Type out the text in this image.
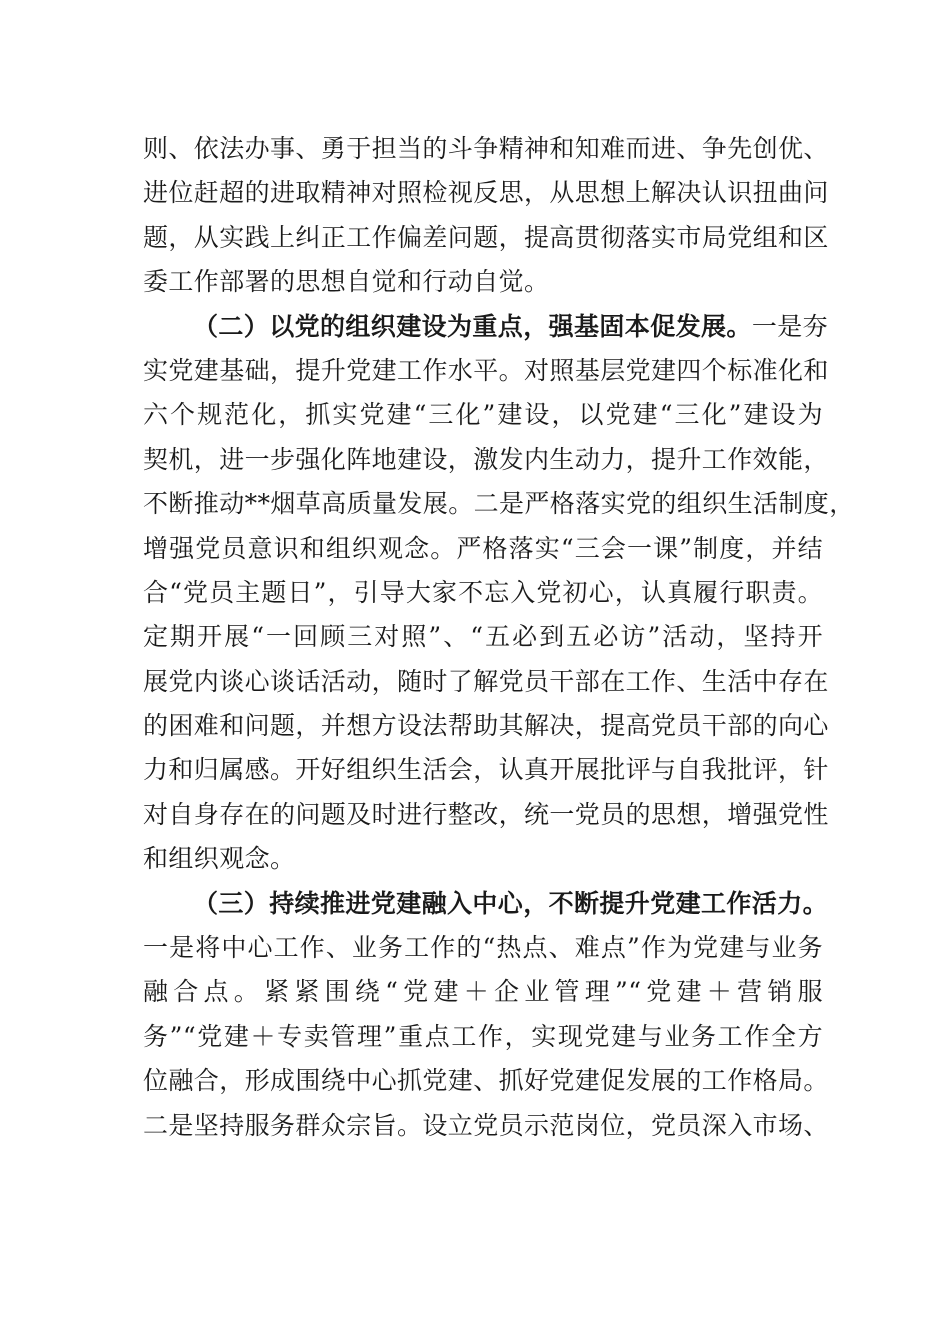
则、依法办事、勇于担当的斗争精神和知难而进、争先创优、
进位赶超的进取精神对照检视反思，从思想上解决认识扭曲问
题，从实践上纠正工作偏差问题，提高贯彻落实市局党组和区
委工作部署的思想自觉和行动自觉。
（二）以党的组织建设为重点，强基固本促发展。一是夯
实党建基础，提升党建工作水平。对照基层党建四个标准化和
六个规范化，抓实党建“三化”建设，以党建“三化”建设为
契机，进一步强化阵地建设，激发内生动力，提升工作效能，
不断推动**烟草高质量发展。二是严格落实党的组织生活制度，
增强党员意识和组织观念。严格落实“三会一课”制度，并结
合“党员主题日”，引导大家不忘入党初心，认真履行职责。
定期开展“一回顾三对照”、“五必到五必访”活动，坚持开
展党内谈心谈话活动，随时了解党员干部在工作、生活中存在
的困难和问题，并想方设法帮助其解决，提高党员干部的向心
力和归属感。开好组织生活会，认真开展批评与自我批评，针
对自身存在的问题及时进行整改，统一党员的思想，增强党性
和组织观念。
（三）持续推进党建融入中心，不断提升党建工作活力。
一是将中心工作、业务工作的“热点、难点”作为党建与业务
融合点。紧紧围绕“党建＋企业管理”“党建＋营销服
务”“党建＋专卖管理”重点工作，实现党建与业务工作全方
位融合，形成围绕中心抓党建、抓好党建促发展的工作格局。
二是坚持服务群众宗旨。设立党员示范岗位，党员深入市场、
